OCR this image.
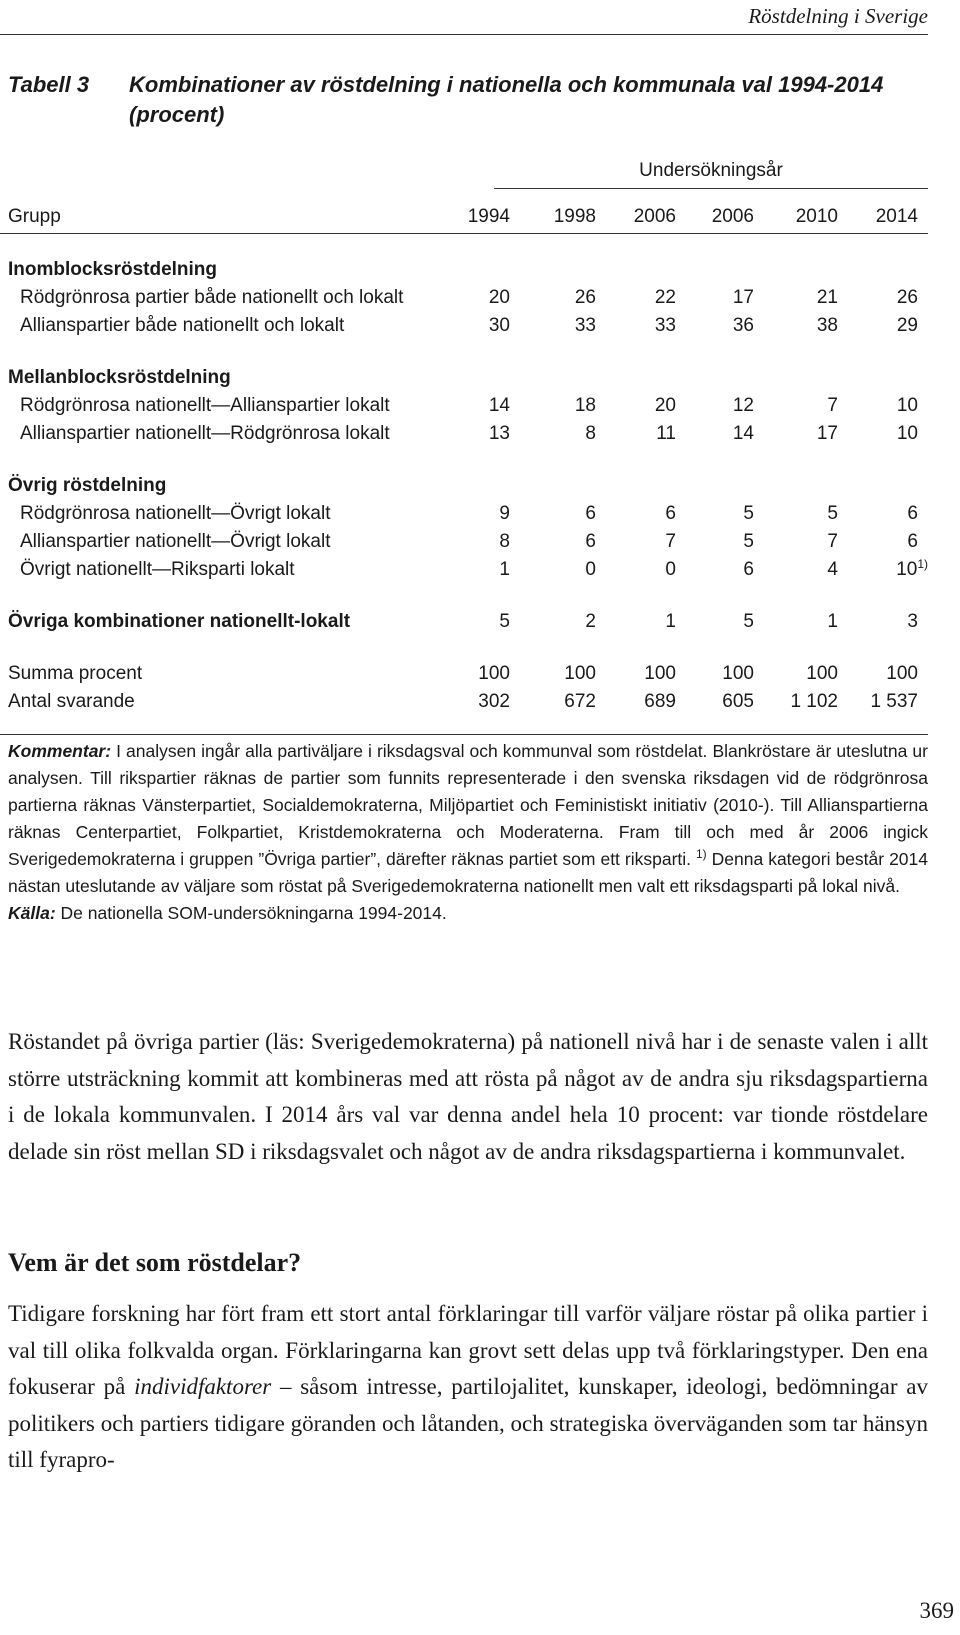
Röstdelning i Sverige
Tabell 3 Kombinationer av röstdelning i nationella och kommunala val 1994-2014 (procent)
Undersökningsår
Grupp	1994	1998	2006	2006	2010	2014
Inomblocksröstdelning
Rödgrönrosa partier både nationellt och lokalt	20	26	22	17	21	26
Allianspartier både nationellt och lokalt	30	33	33	36	38	29
Mellanblocksröstdelning
Rödgrönrosa nationellt—Allianspartier lokalt	14	18	20	12	7	10
Allianspartier nationellt—Rödgrönrosa lokalt	13	8	11	14	17	10
Övrig röstdelning
Rödgrönrosa nationellt—Övrigt lokalt	9	6	6	5	5	6
Allianspartier nationellt—Övrigt lokalt	8	6	7	5	7	6
Övrigt nationellt—Riksparti lokalt	1	0	0	6	4	10$^{1)}$
Övriga kombinationer nationellt-lokalt	5	2	1	5	1	3
Summa procent	100	100	100	100	100	100
Antal svarande	302	672	689	605	1 102	1 537

Kommentar: I analysen ingår alla partiväljare i riksdagsval och kommunval som röstdelat. Blankröstare är uteslutna ur analysen. Till rikspartier räknas de partier som funnits representerade i den svenska riksdagen vid de rödgrönrosa partierna räknas Vänsterpartiet, Socialdemokraterna, Miljöpartiet och Feministiskt initiativ (2010-). Till Allianspartierna räknas Centerpartiet, Folkpartiet, Kristdemokraterna och Moderaterna. Fram till och med år 2006 ingick Sverigedemokraterna i gruppen ”Övriga partier”, därefter räknas partiet som ett riksparti. $^{1)}$ Denna kategori består 2014 nästan uteslutande av väljare som röstat på Sverigedemokraterna nationellt men valt ett riksdagsparti på lokal nivå.

Källa: De nationella SOM-undersökningarna 1994-2014.

Röstandet på övriga partier (läs: Sverigedemokraterna) på nationell nivå har i de senaste valen i allt större utsträckning kommit att kombineras med att rösta på något av de andra sju riksdagspartierna i de lokala kommunvalen. I 2014 års val var denna andel hela 10 procent: var tionde röstdelare delade sin röst mellan SD i riksdagsvalet och något av de andra riksdagspartierna i kommunvalet.
Vem är det som röstdelar?
Tidigare forskning har fört fram ett stort antal förklaringar till varför väljare röstar på olika partier i val till olika folkvalda organ. Förklaringarna kan grovt sett delas upp två förklaringstyper. Den ena fokuserar på individfaktorer – såsom intresse, partilojalitet, kunskaper, ideologi, bedömningar av politikers och partiers tidigare göranden och låtanden, och strategiska överväganden som tar hänsyn till fyrapro-
369
